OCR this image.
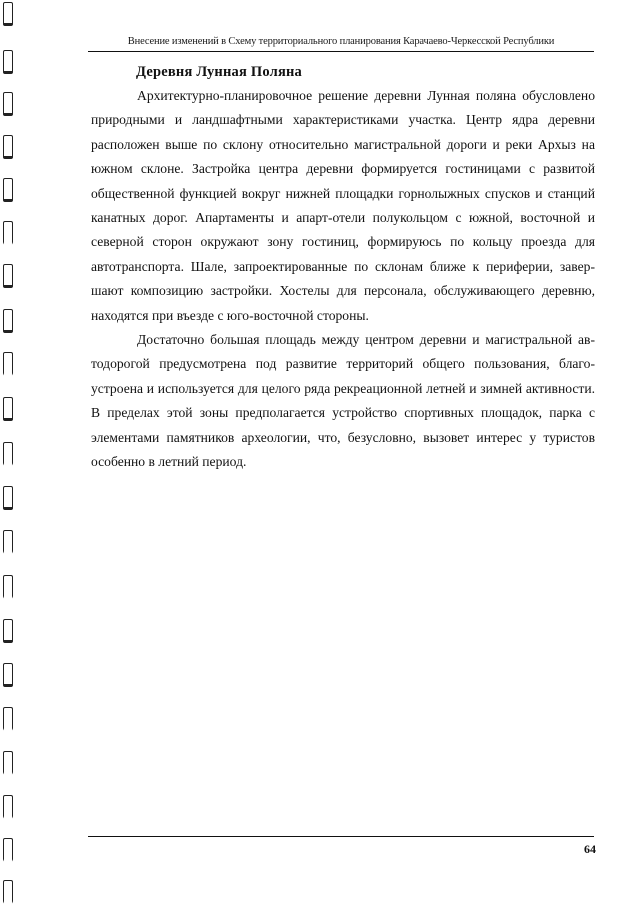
Внесение изменений в Схему территориального планирования Карачаево-Черкесской Республики
Деревня Лунная Поляна

Архитектурно-планировочное решение деревни Лунная поляна обусловлено природными и ландшафтными характеристиками участка. Центр ядра деревни расположен выше по склону относительно магистральной дороги и реки Архыз на южном склоне. Застройка центра деревни формируется гостиницами с развитой общественной функцией вокруг нижней площадки горнолыжных спусков и станций канатных дорог. Апартаменты и апарт-отели полукольцом с южной, восточной и северной сторон окружают зону гостиниц, формируюсь по кольцу проезда для автотранспорта. Шале, запроектированные по склонам ближе к периферии, завершают композицию застройки. Хостелы для персонала, обслуживающего деревню, находятся при въезде с юго-восточной стороны.

Достаточно большая площадь между центром деревни и магистральной автодорогой предусмотрена под развитие территорий общего пользования, благоустроена и используется для целого ряда рекреационной летней и зимней активности. В пределах этой зоны предполагается устройство спортивных площадок, парка с элементами памятников археологии, что, безусловно, вызовет интерес у туристов особенно в летний период.

64
